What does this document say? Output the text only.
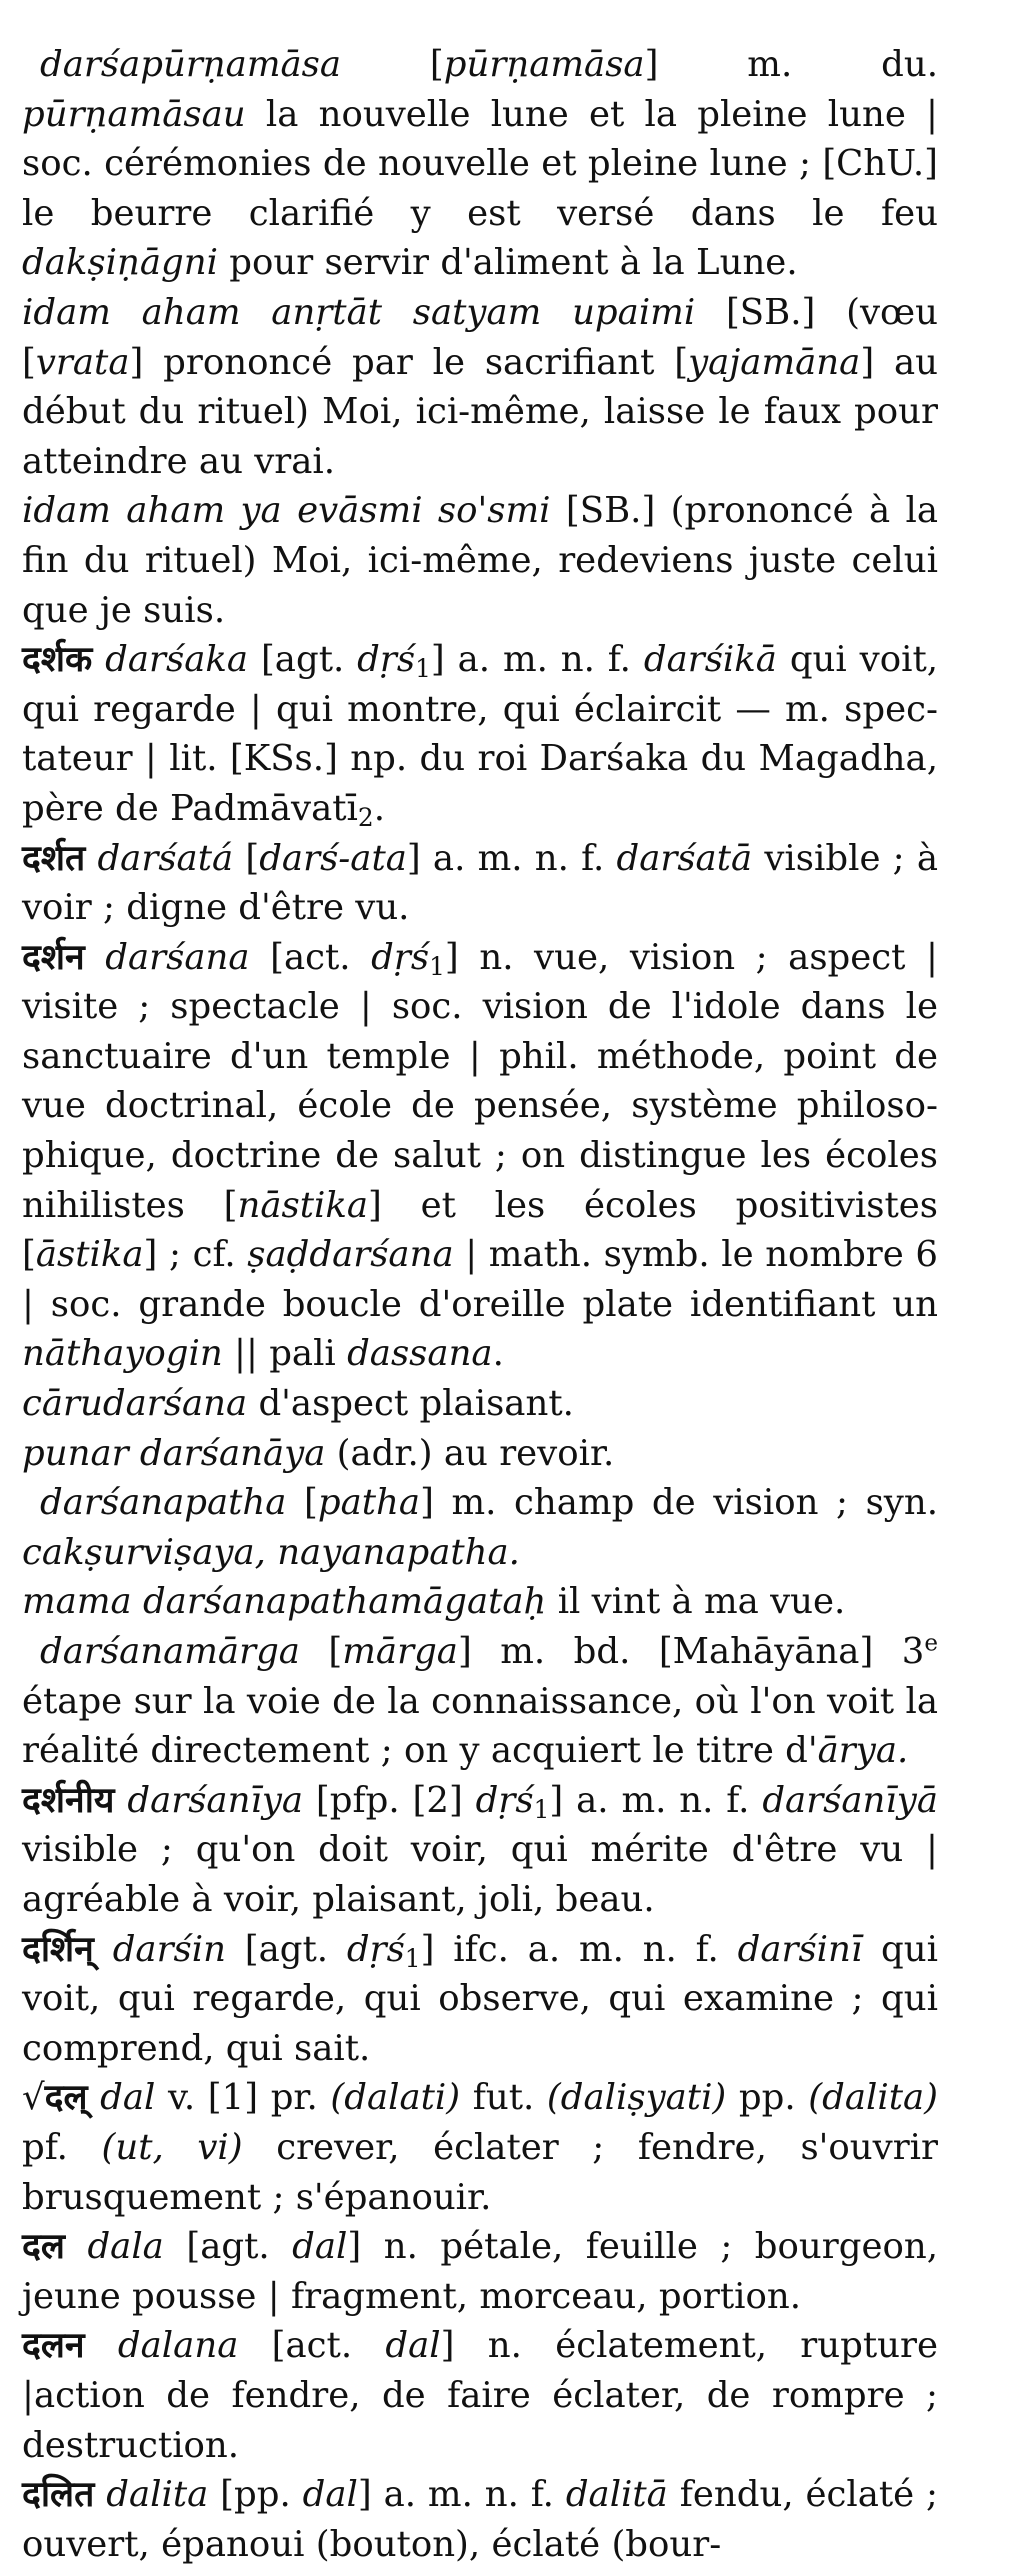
darśapūrṇamāsa [pūrṇamāsa] m. du. pūrṇamāsau la nouvelle lune et la pleine lune | soc. cérémonies de nouvelle et pleine lune ; [ChU.] le beurre clarifié y est versé dans le feu dakṣiṇāgni pour servir d'aliment à la Lune.

idam aham anṛtāt satyam upaimi [SB.] (vœu [vrata] prononcé par le sacrifiant [yajamāna] au début du rituel) Moi, ici-même, laisse le faux pour atteindre au vrai.

idam aham ya evāsmi so'smi [SB.] (prononcé à la fin du rituel) Moi, ici-même, redeviens juste celui que je suis.

दर्शक darśaka [agt. dṛś1] a. m. n. f. darśikā qui voit, qui regarde | qui montre, qui éclaircit — m. spectateur | lit. [KSs.] np. du roi Darśaka du Magadha, père de Padmāvatī2.

दर्शत darśatá [darś-ata] a. m. n. f. darśatā visible ; à voir ; digne d'être vu.

दर्शन darśana [act. dṛś1] n. vue, vision ; aspect | visite ; spectacle | soc. vision de l'idole dans le sanctuaire d'un temple | phil. méthode, point de vue doctrinal, école de pensée, système philosophique, doctrine de salut ; on distingue les écoles nihilistes [nāstika] et les écoles positivistes [āstika] ; cf. ṣaḍdarśana | math. symb. le nombre 6 | soc. grande boucle d'oreille plate identifiant un nāthayogin || pali dassana.

cārudarśana d'aspect plaisant.

punar darśanāya (adr.) au revoir.

darśanapatha [patha] m. champ de vision ; syn. cakṣurviṣaya, nayanapatha.

mama darśanapathamāgataḥ il vint à ma vue.

darśanamārga [mārga] m. bd. [Mahāyāna] 3e étape sur la voie de la connaissance, où l'on voit la réalité directement ; on y acquiert le titre d'ārya.

दर्शनीय darśanīya [pfp. [2] dṛś1] a. m. n. f. darśanīyā visible ; qu'on doit voir, qui mérite d'être vu | agréable à voir, plaisant, joli, beau.

दर्शिन् darśin [agt. dṛś1] ifc. a. m. n. f. darśinī qui voit, qui regarde, qui observe, qui examine ; qui comprend, qui sait.

√दल् dal v. [1] pr. (dalati) fut. (daliṣyati) pp. (dalita) pf. (ut, vi) crever, éclater ; fendre, s'ouvrir brusquement ; s'épanouir.

दल dala [agt. dal] n. pétale, feuille ; bourgeon, jeune pousse | fragment, morceau, portion.

दलन dalana [act. dal] n. éclatement, rupture |action de fendre, de faire éclater, de rompre ; destruction.

दलित dalita [pp. dal] a. m. n. f. dalitā fendu, éclaté ; ouvert, épanoui (bouton), éclaté (bour-
